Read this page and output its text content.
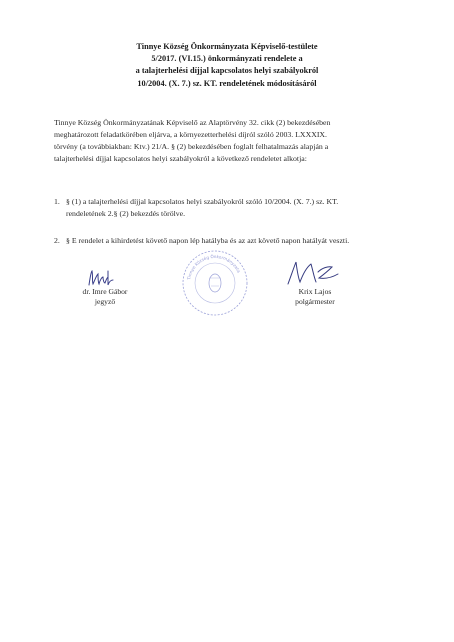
Tinnye Község Önkormányzata Képviselő-testülete
5/2017. (VI.15.) önkormányzati rendelete a
a talajterhelési díjjal kapcsolatos helyi szabályokról
10/2004. (X. 7.) sz. KT. rendeletének módosításáról
Tinnye Község Önkormányzatának Képviselő az Alaptörvény 32. cikk (2) bekezdésében
meghatározott feladatkörében eljárva, a környezetterhelési díjról szóló 2003. LXXXIX.
törvény (a továbbiakban: Ktv.) 21/A. § (2) bekezdésében foglalt felhatalmazás alapján a
talajterhelési díjjal kapcsolatos helyi szabályokról a következő rendeletet alkotja:
1. § (1) a talajterhelési díjjal kapcsolatos helyi szabályokról szóló 10/2004. (X. 7.) sz. KT.
rendeletének 2.§ (2) bekezdés törölve.
2. § E rendelet a kihirdetést követő napon lép hatályba és az azt követő napon hatályát veszti.
dr. Imre Gábor
jegyző
Tinnye Község Önkormányzata
Krix Lajos
polgármester
